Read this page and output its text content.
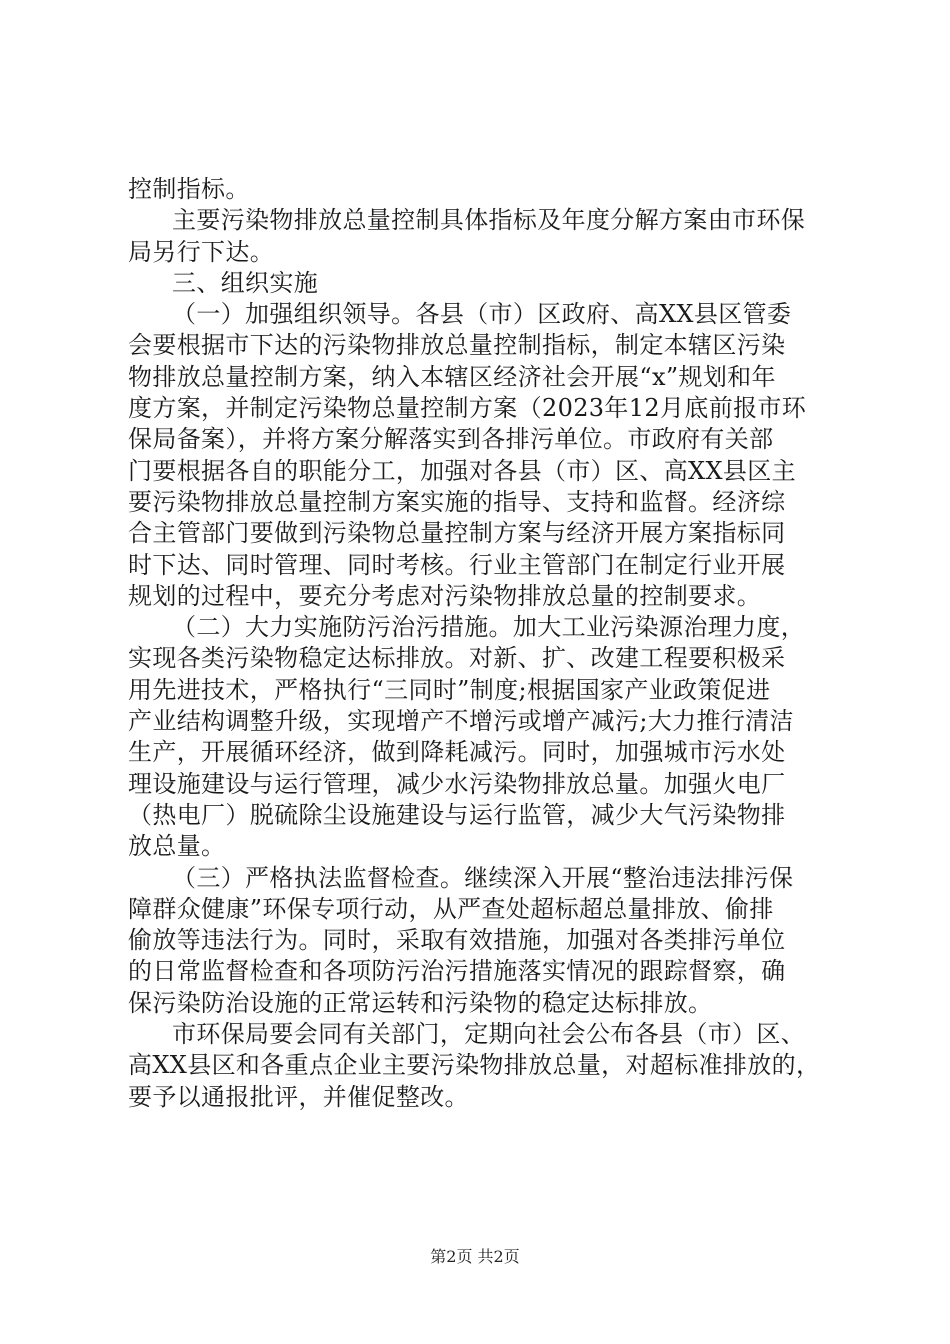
控制指标。
主要污染物排放总量控制具体指标及年度分解方案由市环保
局另行下达。
三、组织实施
（一）加强组织领导。各县（市）区政府、高XX县区管委
会要根据市下达的污染物排放总量控制指标，制定本辖区污染
物排放总量控制方案，纳入本辖区经济社会开展“x”规划和年
度方案，并制定污染物总量控制方案（2023年12月底前报市环
保局备案），并将方案分解落实到各排污单位。市政府有关部
门要根据各自的职能分工，加强对各县（市）区、高XX县区主
要污染物排放总量控制方案实施的指导、支持和监督。经济综
合主管部门要做到污染物总量控制方案与经济开展方案指标同
时下达、同时管理、同时考核。行业主管部门在制定行业开展
规划的过程中，要充分考虑对污染物排放总量的控制要求。
（二）大力实施防污治污措施。加大工业污染源治理力度，
实现各类污染物稳定达标排放。对新、扩、改建工程要积极采
用先进技术，严格执行“三同时”制度;根据国家产业政策促进
产业结构调整升级，实现增产不增污或增产减污;大力推行清洁
生产，开展循环经济，做到降耗减污。同时，加强城市污水处
理设施建设与运行管理，减少水污染物排放总量。加强火电厂
（热电厂）脱硫除尘设施建设与运行监管，减少大气污染物排
放总量。
（三）严格执法监督检查。继续深入开展“整治违法排污保
障群众健康”环保专项行动，从严查处超标超总量排放、偷排
偷放等违法行为。同时，采取有效措施，加强对各类排污单位
的日常监督检查和各项防污治污措施落实情况的跟踪督察，确
保污染防治设施的正常运转和污染物的稳定达标排放。
市环保局要会同有关部门，定期向社会公布各县（市）区、
高XX县区和各重点企业主要污染物排放总量，对超标准排放的，
要予以通报批评，并催促整改。
第2页 共2页
